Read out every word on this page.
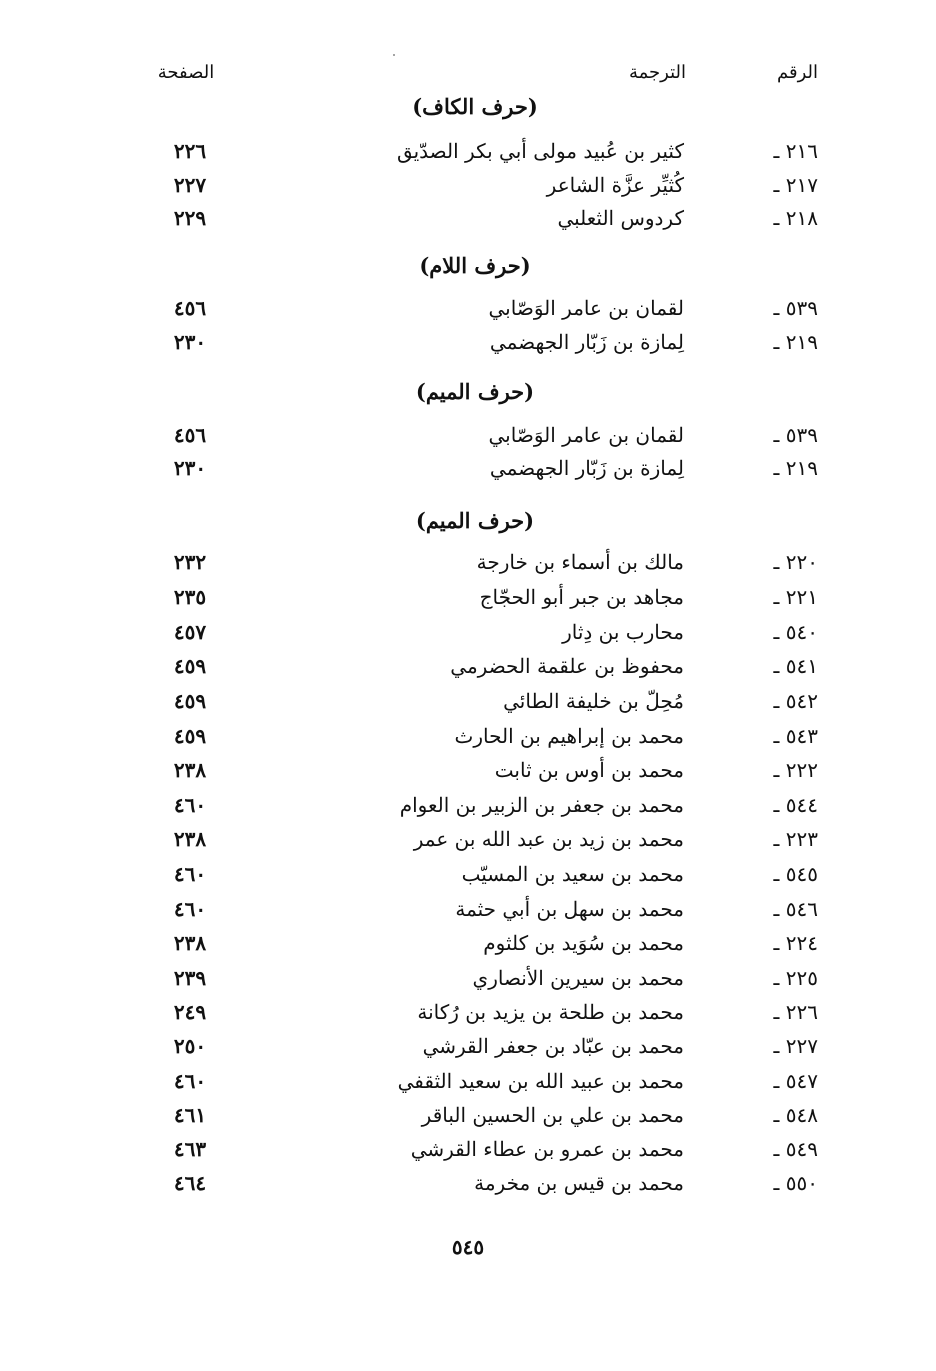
الرقم
الترجمة
الصفحة
(حرف الكاف)
٢١٦ ـ
كثير بن عُبيد مولى أبي بكر الصدّيق
٢٢٦
٢١٧ ـ
كُثيِّر عزَّة الشاعر
٢٢٧
٢١٨ ـ
كردوس الثعلبي
٢٢٩
(حرف اللام)
٥٣٩ ـ
لقمان بن عامر الوَصّابي
٤٥٦
٢١٩ ـ
لِمازة بن زَبّار الجهضمي
٢٣٠
(حرف الميم)
٥٣٩ ـ
لقمان بن عامر الوَصّابي
٤٥٦
٢١٩ ـ
لِمازة بن زَبّار الجهضمي
٢٣٠
(حرف الميم)
٢٢٠ ـ
مالك بن أسماء بن خارجة
٢٣٢
٢٢١ ـ
مجاهد بن جبر أبو الحجّاج
٢٣٥
٥٤٠ ـ
محارب بن دِثار
٤٥٧
٥٤١ ـ
محفوظ بن علقمة الحضرمي
٤٥٩
٥٤٢ ـ
مُحِلّ بن خليفة الطائي
٤٥٩
٥٤٣ ـ
محمد بن إبراهيم بن الحارث
٤٥٩
٢٢٢ ـ
محمد بن أوس بن ثابت
٢٣٨
٥٤٤ ـ
محمد بن جعفر بن الزبير بن العوام
٤٦٠
٢٢٣ ـ
محمد بن زيد بن عبد الله بن عمر
٢٣٨
٥٤٥ ـ
محمد بن سعيد بن المسيّب
٤٦٠
٥٤٦ ـ
محمد بن سهل بن أبي حثمة
٤٦٠
٢٢٤ ـ
محمد بن سُوَيد بن كلثوم
٢٣٨
٢٢٥ ـ
محمد بن سيرين الأنصاري
٢٣٩
٢٢٦ ـ
محمد بن طلحة بن يزيد بن رُكانة
٢٤٩
٢٢٧ ـ
محمد بن عبّاد بن جعفر القرشي
٢٥٠
٥٤٧ ـ
محمد بن عبيد الله بن سعيد الثقفي
٤٦٠
٥٤٨ ـ
محمد بن علي بن الحسين الباقر
٤٦١
٥٤٩ ـ
محمد بن عمرو بن عطاء القرشي
٤٦٣
٥٥٠ ـ
محمد بن قيس بن مخرمة
٤٦٤
٥٤٥
